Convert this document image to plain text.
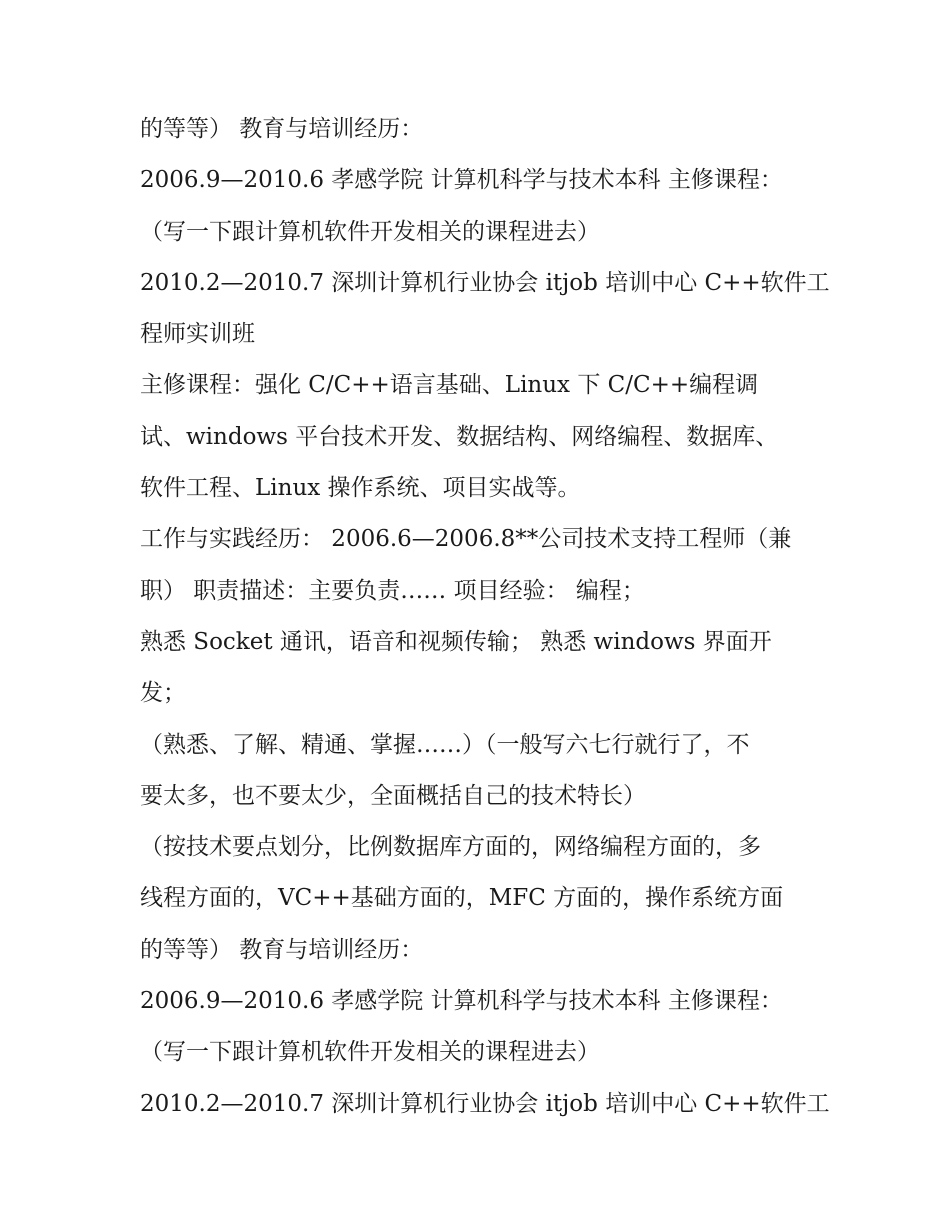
的等等） 教育与培训经历：
2006.9—2010.6 孝感学院 计算机科学与技术本科 主修课程：
（写一下跟计算机软件开发相关的课程进去）
2010.2—2010.7 深圳计算机行业协会 itjob 培训中心 C++软件工
程师实训班
主修课程：强化 C/C++语言基础、Linux 下 C/C++编程调
试、windows 平台技术开发、数据结构、网络编程、数据库、
软件工程、Linux 操作系统、项目实战等。
工作与实践经历： 2006.6—2006.8**公司技术支持工程师（兼
职） 职责描述：主要负责…… 项目经验： 编程；
熟悉 Socket 通讯，语音和视频传输； 熟悉 windows 界面开
发；
（熟悉、了解、精通、掌握……）（一般写六七行就行了，不
要太多，也不要太少，全面概括自己的技术特长）
（按技术要点划分，比例数据库方面的，网络编程方面的，多
线程方面的，VC++基础方面的，MFC 方面的，操作系统方面
的等等） 教育与培训经历：
2006.9—2010.6 孝感学院 计算机科学与技术本科 主修课程：
（写一下跟计算机软件开发相关的课程进去）
2010.2—2010.7 深圳计算机行业协会 itjob 培训中心 C++软件工
